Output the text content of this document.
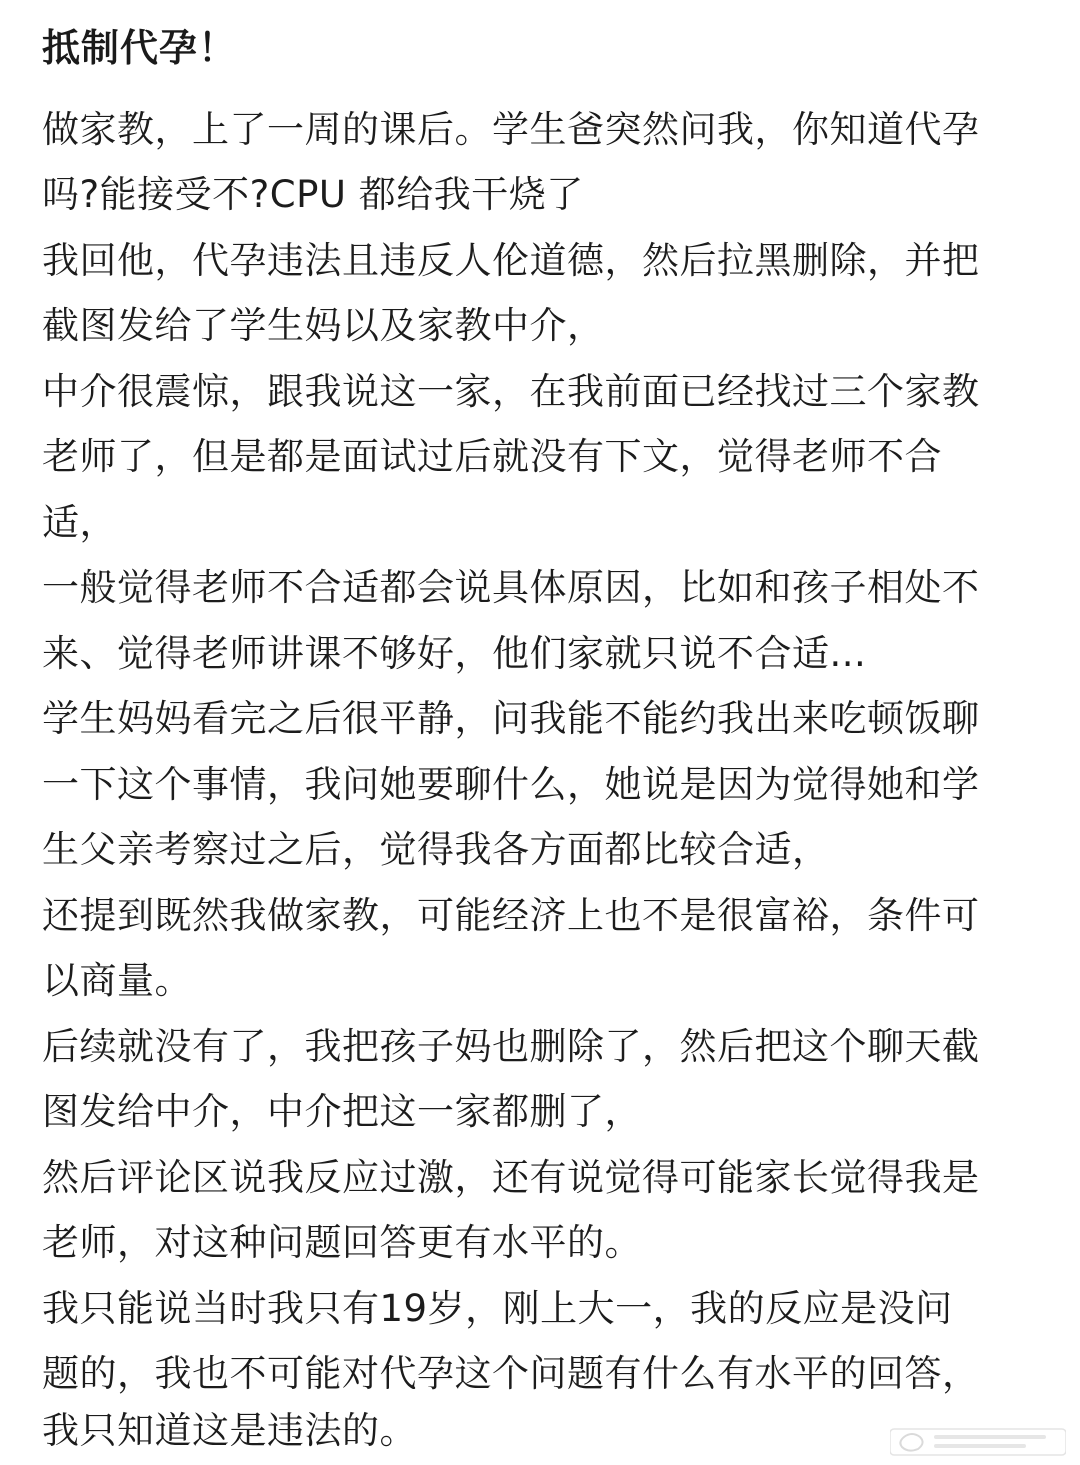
抵制代孕！
做家教，上了一周的课后。学生爸突然问我，你知道代孕
吗?能接受不?CPU 都给我干烧了
我回他，代孕违法且违反人伦道德，然后拉黑删除，并把
截图发给了学生妈以及家教中介，
中介很震惊，跟我说这一家，在我前面已经找过三个家教
老师了，但是都是面试过后就没有下文，觉得老师不合
适，
一般觉得老师不合适都会说具体原因，比如和孩子相处不
来、觉得老师讲课不够好，他们家就只说不合适...
学生妈妈看完之后很平静，问我能不能约我出来吃顿饭聊
一下这个事情，我问她要聊什么，她说是因为觉得她和学
生父亲考察过之后，觉得我各方面都比较合适，
还提到既然我做家教，可能经济上也不是很富裕，条件可
以商量。
后续就没有了，我把孩子妈也删除了，然后把这个聊天截
图发给中介，中介把这一家都删了，
然后评论区说我反应过激，还有说觉得可能家长觉得我是
老师，对这种问题回答更有水平的。
我只能说当时我只有19岁，刚上大一，我的反应是没问
题的，我也不可能对代孕这个问题有什么有水平的回答，
我只知道这是违法的。
